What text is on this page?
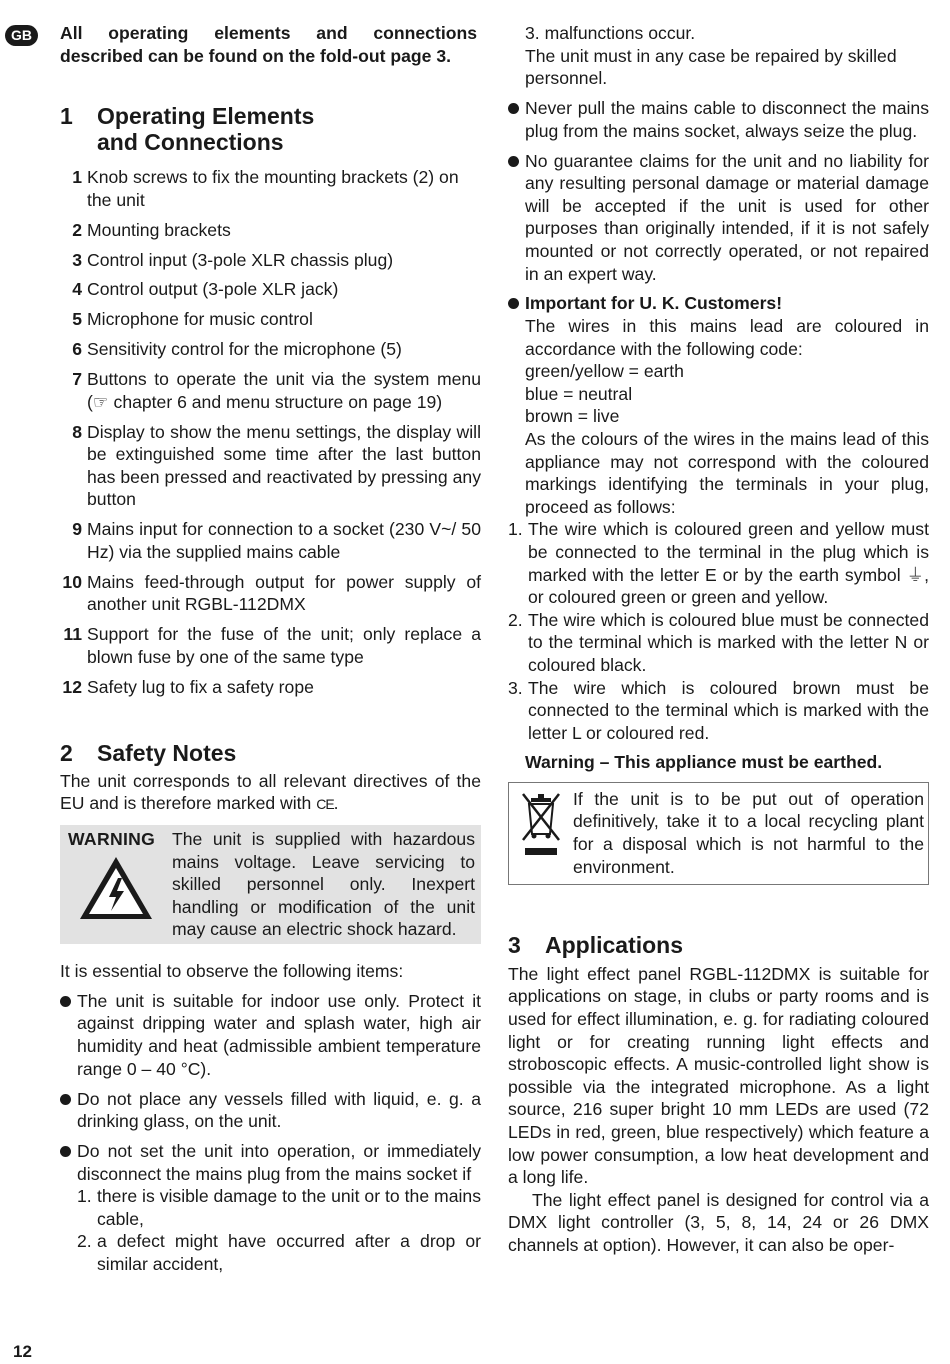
GB	All operating elements and connections described can be found on the fold-out page 3.

1 Operating Elements
and Connections
1 Knob screws to fix the mounting brackets (2) on the unit
2 Mounting brackets
3 Control input (3-pole XLR chassis plug)
4 Control output (3-pole XLR jack)
5 Microphone for music control
6 Sensitivity control for the microphone (5)
7 Buttons to operate the unit via the system menu (☞ chapter 6 and menu structure on page 19)
8 Display to show the menu settings, the display will be extinguished some time after the last button has been pressed and reactivated by pressing any button
9 Mains input for connection to a socket (230 V~/ 50 Hz) via the supplied mains cable
10 Mains feed-through output for power supply of another unit RGBL-112DMX
11 Support for the fuse of the unit; only replace a blown fuse by one of the same type
12 Safety lug to fix a safety rope
2 Safety Notes

The unit corresponds to all relevant directives of the EU and is therefore marked with CE.

WARNING The unit is supplied with hazardous mains voltage. Leave servicing to skilled personnel only. Inexpert handling or modification of the unit may cause an electric shock hazard.

It is essential to observe the following items:

The unit is suitable for indoor use only. Protect it against dripping water and splash water, high air humidity and heat (admissible ambient temperature range 0 – 40 °C).
Do not place any vessels filled with liquid, e. g. a drinking glass, on the unit.

Do not set the unit into operation, or immediately disconnect the mains plug from the mains socket if

1. there is visible damage to the unit or to the mains cable,
2. a defect might have occurred after a drop or similar accident,
3.
malfunctions occur.

The unit must in any case be repaired by skilled personnel.

Never pull the mains cable to disconnect the mains plug from the mains socket, always seize the plug.
No guarantee claims for the unit and no liability for any resulting personal damage or material damage will be accepted if the unit is used for other purposes than originally intended, if it is not safely mounted or not correctly operated, or not repaired in an expert way.

Important for U. K. Customers!

The wires in this mains lead are coloured in accordance with the following code:

green/yellow = earth

blue = neutral

brown = live

As the colours of the wires in the mains lead of this appliance may not correspond with the coloured markings identifying the terminals in your plug, proceed as follows:

1. The wire which is coloured green and yellow must be connected to the terminal in the plug which is marked with the letter E or by the earth symbol ⏚, or coloured green or green and yellow.
2. The wire which is coloured blue must be connected to the terminal which is marked with the letter N or coloured black.
3. The wire which is coloured brown must be connected to the terminal which is marked with the letter L or coloured red.

Warning – This appliance must be earthed.

If the unit is to be put out of operation definitively, take it to a local recycling plant for a disposal which is not harmful to the environment.
3 Applications

The light effect panel RGBL-112DMX is suitable for applications on stage, in clubs or party rooms and is used for effect illumination, e. g. for radiating coloured light or for creating running light effects and stroboscopic effects. A music-controlled light show is possible via the integrated microphone. As a light source, 216 super bright 10 mm LEDs are used (72 LEDs in red, green, blue respectively) which feature a low power consumption, a low heat development and a long life.

The light effect panel is designed for control via a DMX light controller (3, 5, 8, 14, 24 or 26 DMX channels at option). However, it can also be oper-

12
